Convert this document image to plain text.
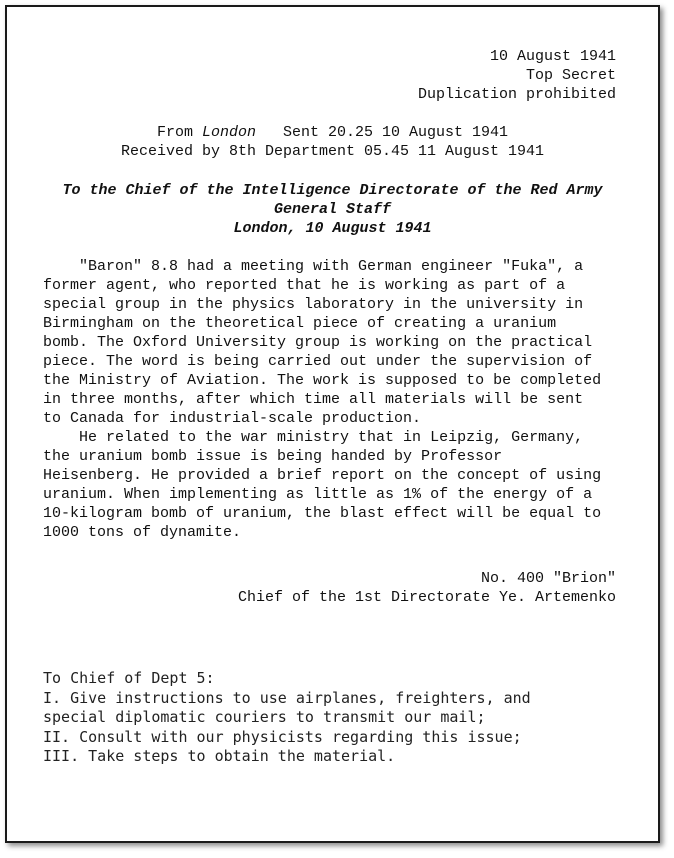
10 August 1941
Top Secret
Duplication prohibited
From London   Sent 20.25 10 August 1941
Received by 8th Department 05.45 11 August 1941
To the Chief of the Intelligence Directorate of the Red Army
General Staff
London, 10 August 1941
"Baron" 8.8 had a meeting with German engineer "Fuka", a
former agent, who reported that he is working as part of a
special group in the physics laboratory in the university in
Birmingham on the theoretical piece of creating a uranium
bomb. The Oxford University group is working on the practical
piece. The word is being carried out under the supervision of
the Ministry of Aviation. The work is supposed to be completed
in three months, after which time all materials will be sent
to Canada for industrial-scale production.
He related to the war ministry that in Leipzig, Germany,
the uranium bomb issue is being handed by Professor
Heisenberg. He provided a brief report on the concept of using
uranium. When implementing as little as 1% of the energy of a
10-kilogram bomb of uranium, the blast effect will be equal to
1000 tons of dynamite.
No. 400 "Brion"
Chief of the 1st Directorate Ye. Artemenko
To Chief of Dept 5:
I. Give instructions to use airplanes, freighters, and
special diplomatic couriers to transmit our mail;
II. Consult with our physicists regarding this issue;
III. Take steps to obtain the material.
